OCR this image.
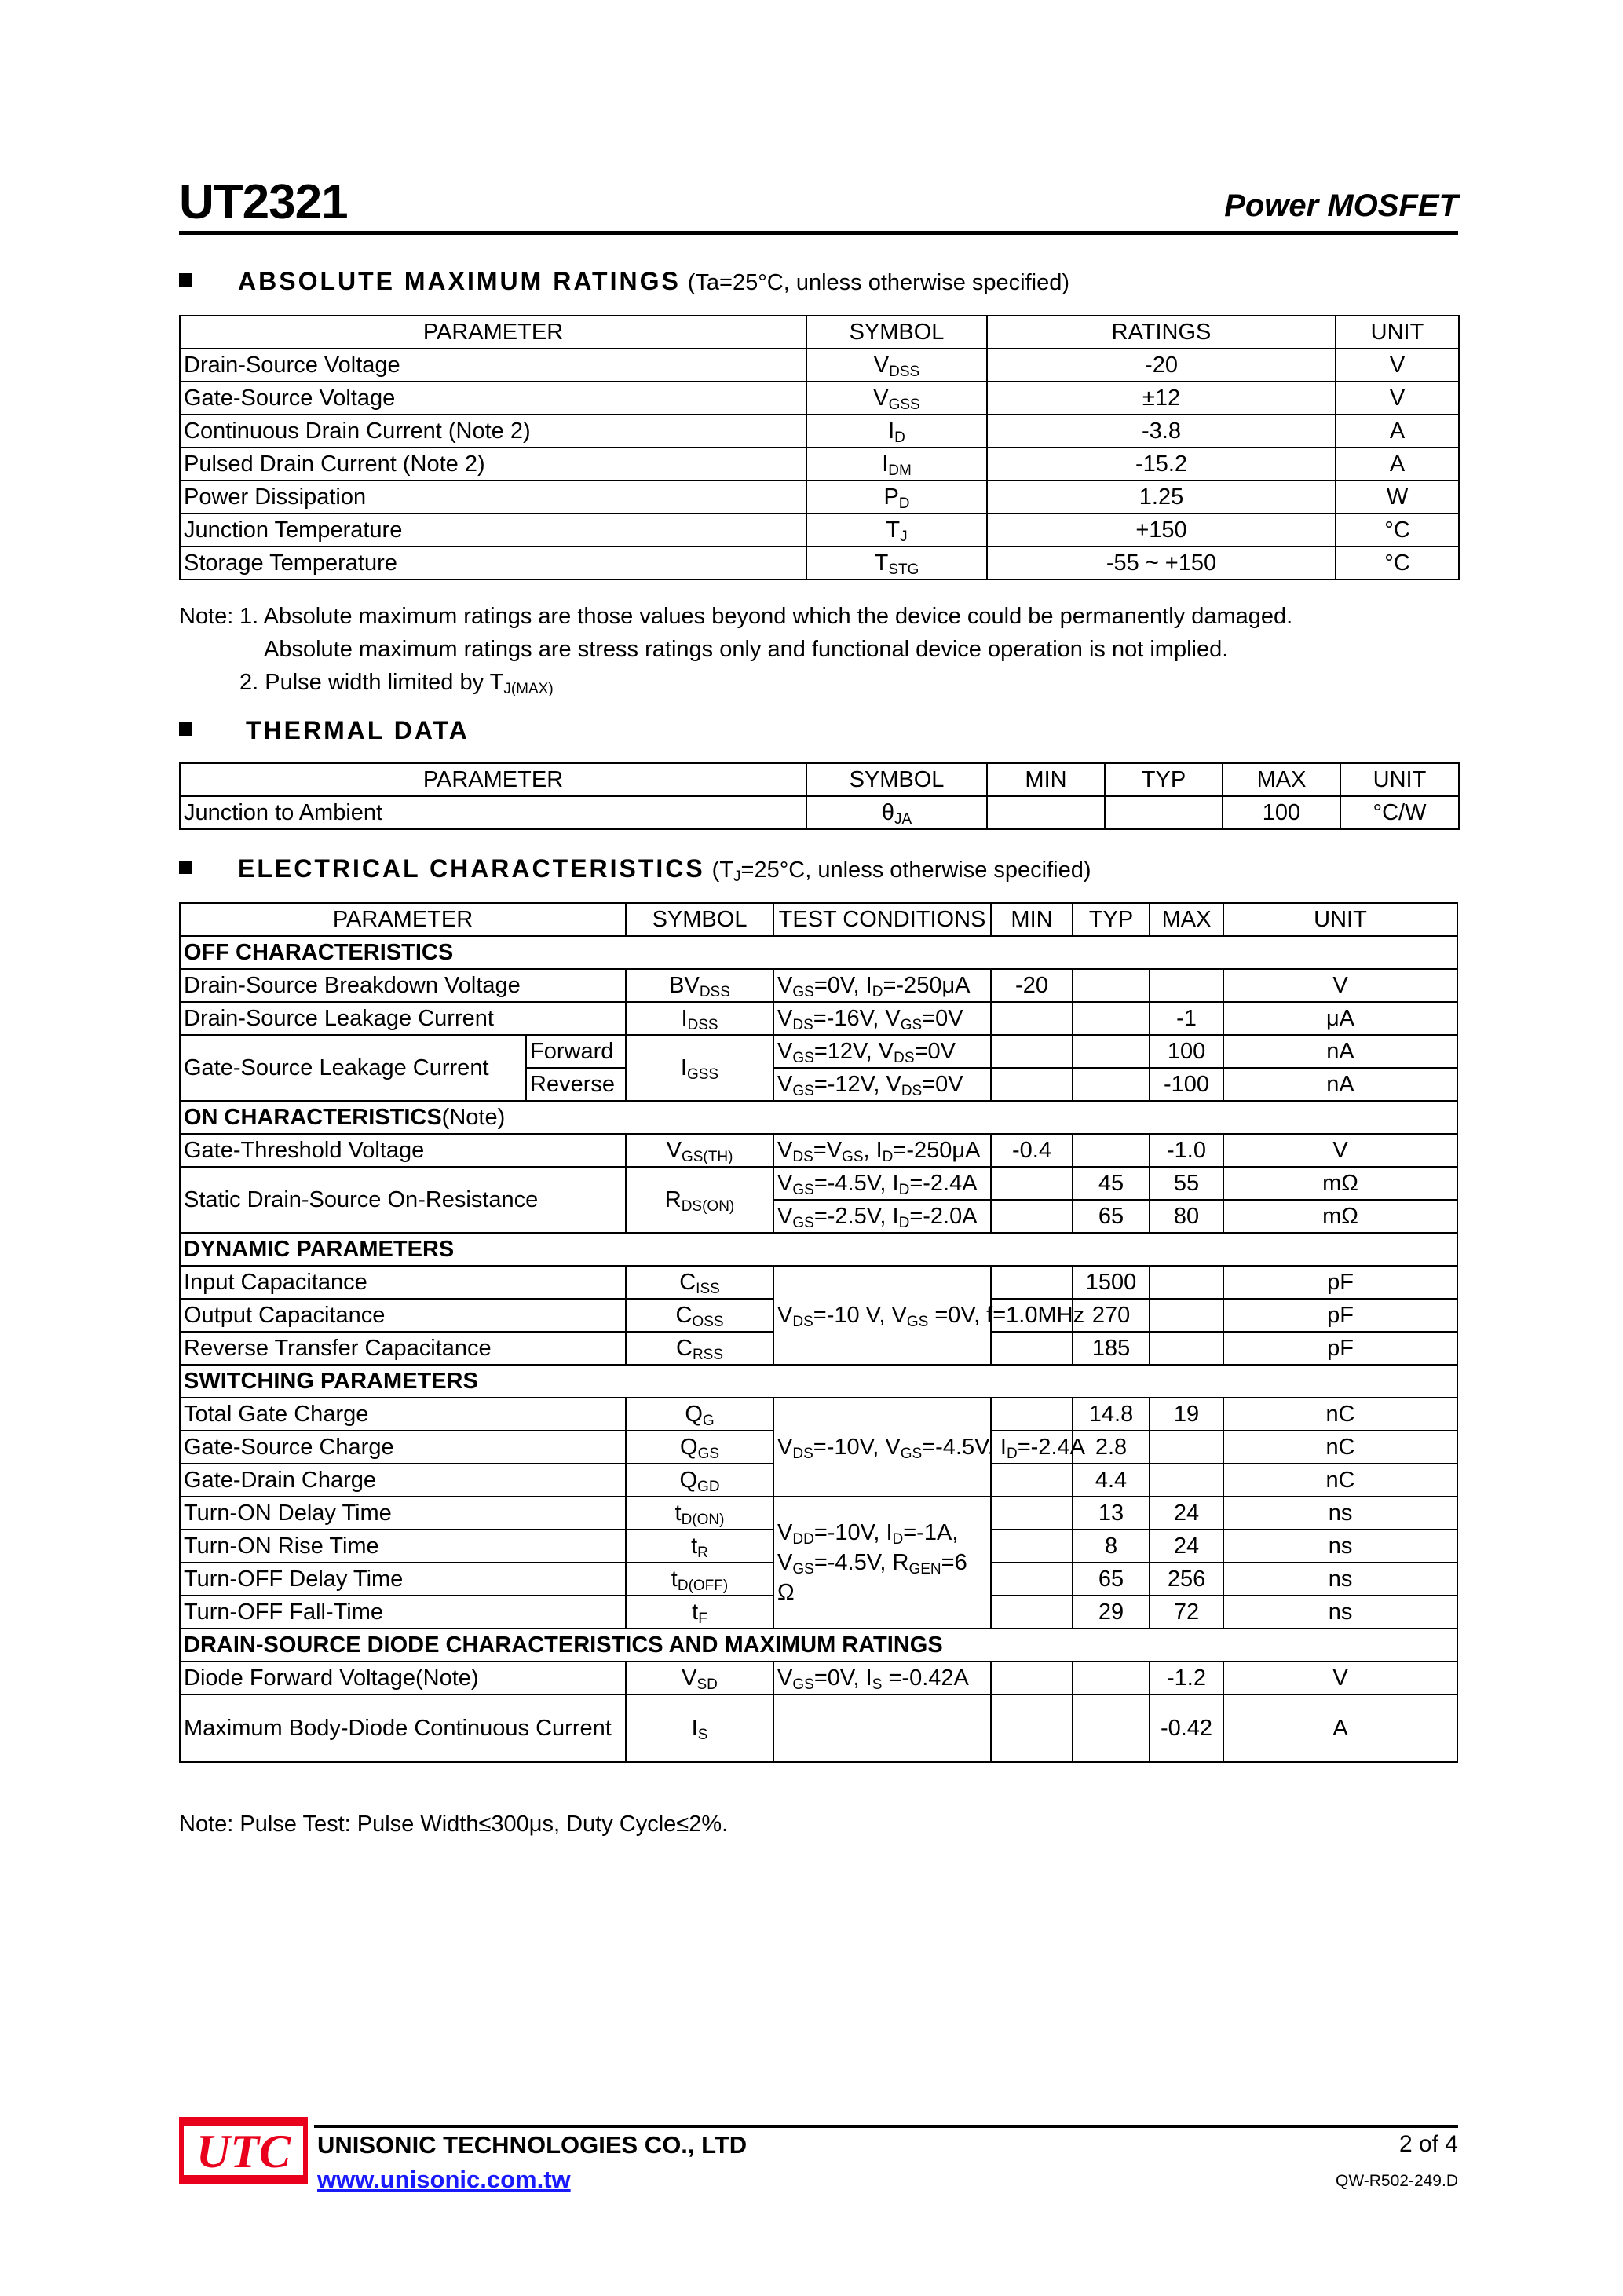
UT2321	Power MOSFET
ABSOLUTE MAXIMUM RATINGS (Ta=25°C, unless otherwise specified)
PARAMETER	SYMBOL	RATINGS	UNIT
Drain-Source Voltage	$V_{DSS}$	-20	V
Gate-Source Voltage	$V_{GSS}$	±12	V
Continuous Drain Current (Note 2)	$I_D$	-3.8	A
Pulsed Drain Current (Note 2)	$I_{DM}$	-15.2	A
Power Dissipation	$P_D$	1.25	W
Junction Temperature	$T_J$	+150	°C
Storage Temperature	$T_{STG}$	-55 ~ +150	°C
Note: 1. Absolute maximum ratings are those values beyond which the device could be permanently damaged.
Absolute maximum ratings are stress ratings only and functional device operation is not implied.
2. Pulse width limited by $T_{J(MAX)}$
THERMAL DATA
PARAMETER	SYMBOL	MIN	TYP	MAX	UNIT
Junction to Ambient	$\theta_{JA}$			100	°C/W
ELECTRICAL CHARACTERISTICS ($T_J=25^\circ C$, unless otherwise specified)
PARAMETER		SYMBOL	TEST CONDITIONS	MIN	TYP	MAX	UNIT
OFF CHARACTERISTICS							
Drain-Source Breakdown Voltage		$BV_{DSS}$	$V_{GS}=0V$, $I_D=-250\mu A$	-20			V
Drain-Source Leakage Current		$I_{DSS}$	$V_{DS}=-16V$, $V_{GS}=0V$			-1	μA
Gate-Source Leakage Current	Forward	$I_{GSS}$	$V_{GS}=12V$, $V_{DS}=0V$			100	nA
	Reverse		$V_{GS}=-12V$, $V_{DS}=0V$			-100	nA
ON CHARACTERISTICS(Note)							
Gate-Threshold Voltage		$V_{GS(TH)}$	$V_{DS}=V_{GS}$, $I_D=-250\mu A$	-0.4		-1.0	V
Static Drain-Source On-Resistance		$R_{DS(ON)}$	$V_{GS}=-4.5V$, $I_D=-2.4A$		45	55	mΩ
			$V_{GS}=-2.5V$, $I_D=-2.0A$		65	80	mΩ
DYNAMIC PARAMETERS							
Input Capacitance		$C_{ISS}$	$V_{DS}=-10$ V, $V_{GS} =0V$, f=1.0MHz		1500		pF
Output Capacitance		$C_{OSS}$			270		pF
Reverse Transfer Capacitance		$C_{RSS}$			185		pF
SWITCHING PARAMETERS							
Total Gate Charge		$Q_G$	$V_{DS}=-10V$, $V_{GS}=-4.5V$, $I_D=-2.4A$		14.8	19	nC
Gate-Source Charge		$Q_{GS}$			2.8		nC
Gate-Drain Charge		$Q_{GD}$			4.4		nC
Turn-ON Delay Time		$t_{D(ON)}$	$V_{DD}=-10V$, $I_D=-1A$, $V_{GS}=-4.5V$, $R_{GEN}=6$ Ω		13	24	ns
Turn-ON Rise Time		$t_R$			8	24	ns
Turn-OFF Delay Time		$t_{D(OFF)}$			65	256	ns
Turn-OFF Fall-Time		$t_F$			29	72	ns
DRAIN-SOURCE DIODE CHARACTERISTICS AND MAXIMUM RATINGS							
Diode Forward Voltage(Note)		$V_{SD}$	$V_{GS}=0V$, $I_S =-0.42A$			-1.2	V
Maximum Body-Diode Continuous Current		$I_S$				-0.42	A
Note: Pulse Test: Pulse Width≤300μs, Duty Cycle≤2%.
UTC UNISONIC TECHNOLOGIES CO., LTD
www.unisonic.com.tw
2 of 4
QW-R502-249.D
